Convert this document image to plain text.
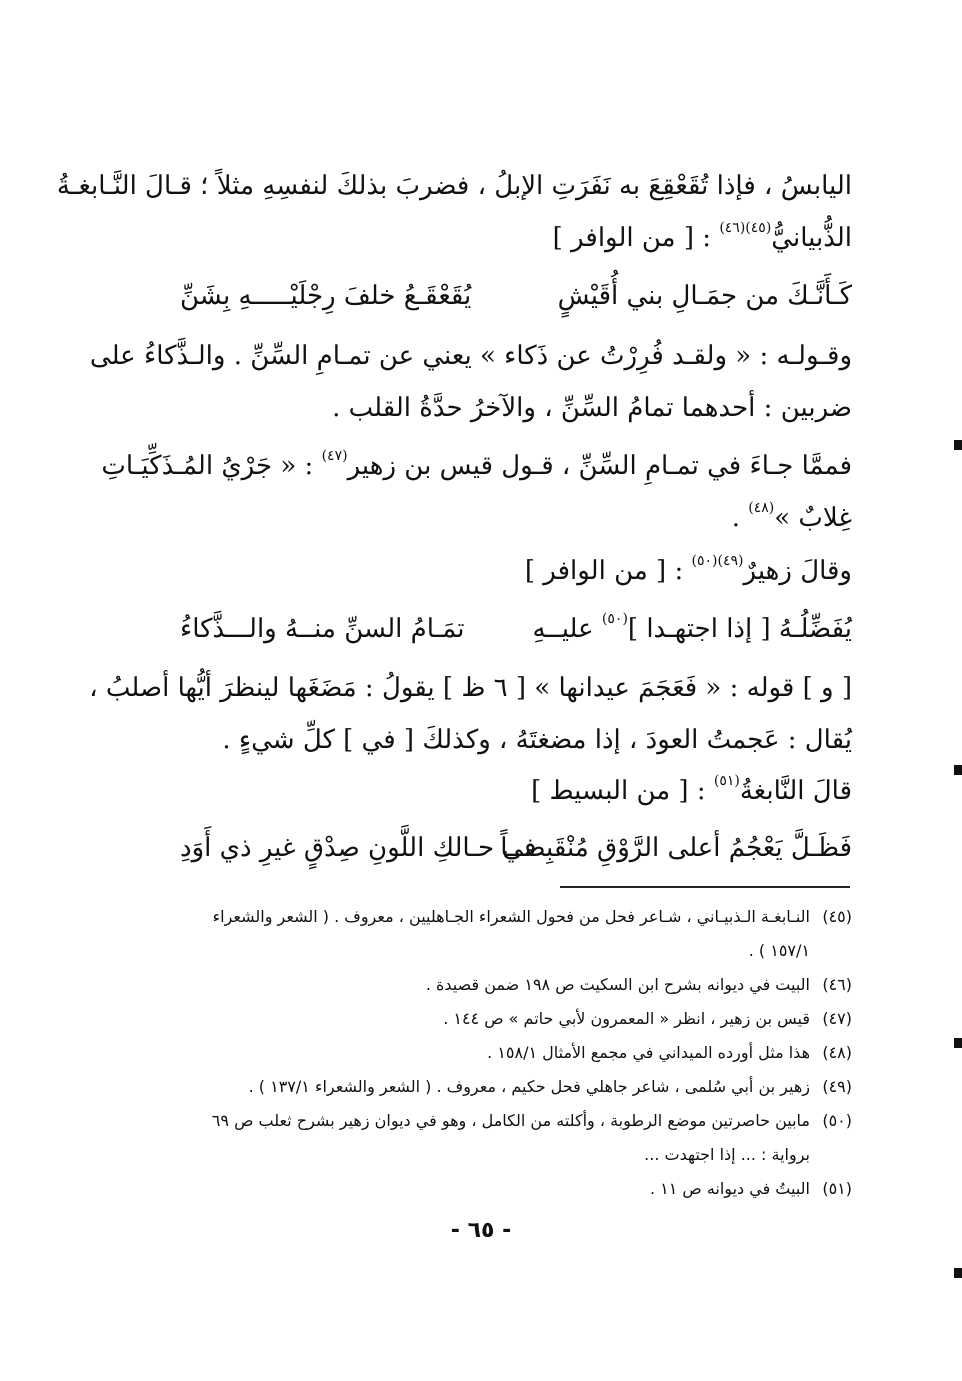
اليابسُ ، فإذا تُقَعْقِعَ به نَفَرَتِ الإبلُ ، فضربَ بذلكَ لنفسِهِ مثلاً ؛ قـالَ النَّـابغـةُ
الذُّبيانيُّ$^{(٤٥)(٤٦)}$ : [ من الوافر ]
كَـأَنَّـكَ من جمَـالِ بني أُقَيْشٍ
يُقَعْقَـعُ خلفَ رِجْلَيْـــــهِ بِشَنِّ
وقـولـه : « ولقـد فُرِرْتُ عن ذَكاء » يعني عن تمـامِ السِّنِّ . والـذَّكاءُ على
ضربين : أحدهما تمامُ السِّنِّ ، والآخرُ حدَّةُ القلب .
فممَّا جـاءَ في تمـامِ السِّنِّ ، قـول قيس بن زهير$^{(٤٧)}$ : « جَرْيُ المُـذَكِّيَـاتِ
غِلابٌ »$^{(٤٨)}$ .
وقالَ زهيرٌ$^{(٤٩)(٥٠)}$ : [ من الوافر ]
يُفَضِّلُـهُ [ إذا اجتهـدا ]$^{(٥٠)}$ عليــهِ
تمَـامُ السنِّ منــهُ والـــذَّكاءُ
[ و ] قوله : « فَعَجَمَ عيدانها » [ ٦ ظ ] يقولُ : مَضَغَها لينظرَ أيُّها أصلبُ ،
يُقال : عَجمتُ العودَ ، إذا مضغتَهُ ، وكذلكَ [ في ] كلِّ شيءٍ .
قالَ النَّابغةُ$^{(٥١)}$ : [ من البسيط ]
فَظَـلَّ يَعْجُمُ أعلى الرَّوْقِ مُنْقَبِضــاً
في حـالكِ اللَّونِ صِدْقٍ غيرِ ذي أَوَدِ
(٤٥)
النـابغـة الـذبيـاني ، شـاعر فحل من فحول الشعراء الجـاهليين ، معروف . ( الشعر والشعراء
١٥٧/١ ) .
(٤٦)
البيت في ديوانه بشرح ابن السكيت ص ١٩٨ ضمن قصيدة .
(٤٧)
قيس بن زهير ، انظر « المعمرون لأبي حاتم » ص ١٤٤ .
(٤٨)
هذا مثل أورده الميداني في مجمع الأمثال ١٥٨/١ .
(٤٩)
زهير بن أبي سُلمى ، شاعر جاهلي فحل حكيم ، معروف . ( الشعر والشعراء ١٣٧/١ ) .
(٥٠)
مابين حاصرتين موضع الرطوبة ، وأكلته من الكامل ، وهو في ديوان زهير بشرح ثعلب ص ٦٩
برواية : ... إذا اجتهدت ...
(٥١)
البيتُ في ديوانه ص ١١ .
- ٦٥ -
